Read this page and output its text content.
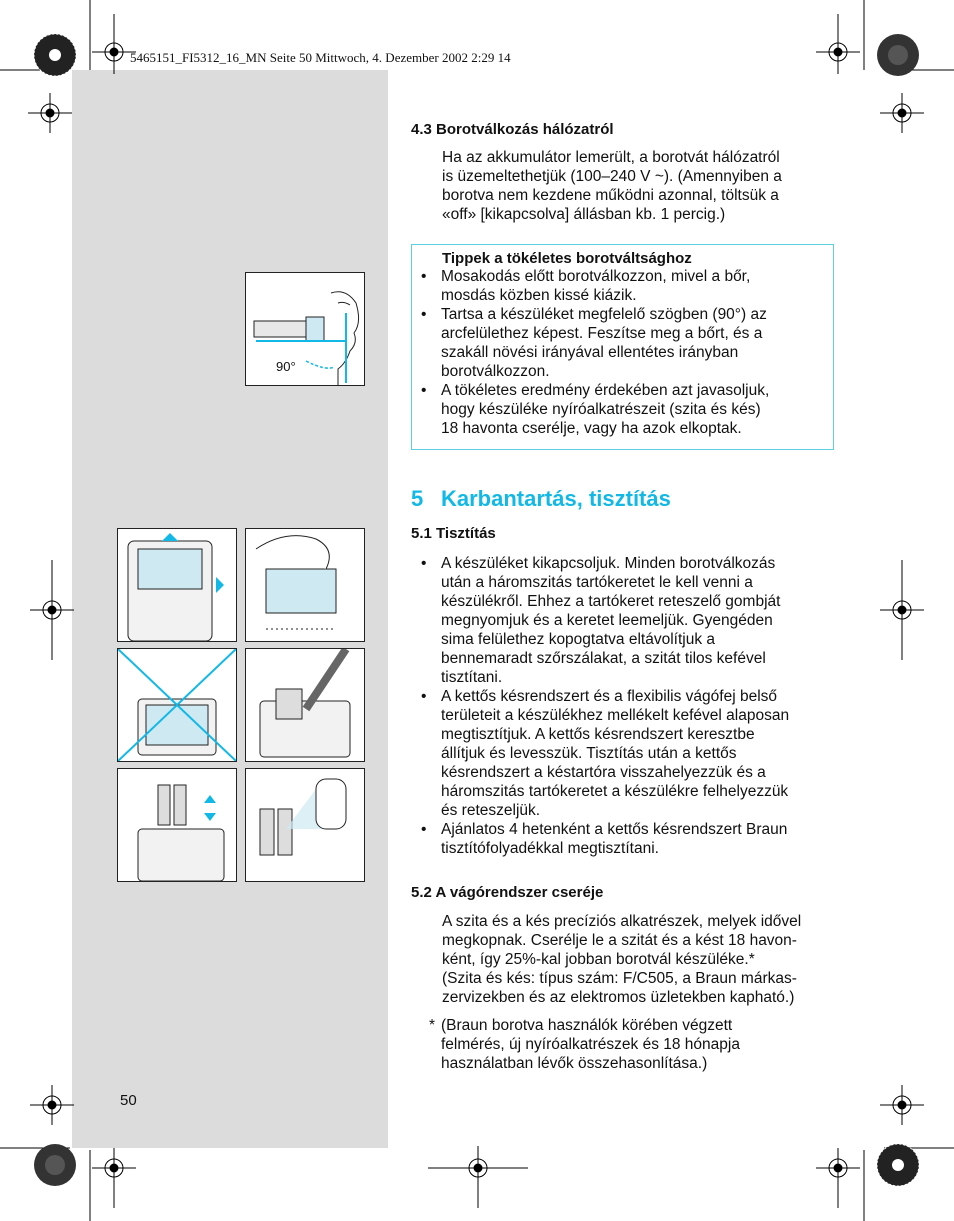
5465151_FI5312_16_MN Seite 50 Mittwoch, 4. Dezember 2002 2:29 14
4.3 Borotválkozás hálózatról
Ha az akkumulátor lemerült, a borotvát hálózatról
is üzemeltethetjük (100–240 V ~). (Amennyiben a
borotva nem kezdene működni azonnal, töltsük a
«off» [kikapcsolva] állásban kb. 1 percig.)
Tippek a tökéletes borotváltsághoz
• Mosakodás előtt borotválkozzon, mivel a bőr,
mosdás közben kissé kiázik.
• Tartsa a készüléket megfelelő szögben (90°) az
arcfelülethez képest. Feszítse meg a bőrt, és a
szakáll növési irányával ellentétes irányban
borotválkozzon.
• A tökéletes eredmény érdekében azt javasoljuk,
hogy készüléke nyíróalkatrészeit (szita és kés)
18 havonta cserélje, vagy ha azok elkoptak.
90°
5 Karbantartás, tisztítás
5.1 Tisztítás
• A készüléket kikapcsoljuk. Minden borotválkozás
után a háromszitás tartókeretet le kell venni a
készülékről. Ehhez a tartókeret reteszelő gombját
megnyomjuk és a keretet leemeljük. Gyengéden
sima felülethez kopogtatva eltávolítjuk a
bennemaradt szőrszálakat, a szitát tilos kefével
tisztítani.
• A kettős késrendszert és a flexibilis vágófej belső
területeit a készülékhez mellékelt kefével alaposan
megtisztítjuk. A kettős késrendszert keresztbe
állítjuk és levesszük. Tisztítás után a kettős
késrendszert a késtartóra visszahelyezzük és a
háromszitás tartókeretet a készülékre felhelyezzük
és reteszeljük.
• Ajánlatos 4 hetenként a kettős késrendszert Braun
tisztítófolyadékkal megtisztítani.
5.2 A vágórendszer cseréje
A szita és a kés precíziós alkatrészek, melyek idővel
megkopnak. Cserélje le a szitát és a kést 18 havon-
ként, így 25%-kal jobban borotvál készüléke.*
(Szita és kés: típus szám: F/C505, a Braun márkas-
zervizekben és az elektromos üzletekben kapható.)
* (Braun borotva használók körében végzett
felmérés, új nyíróalkatrészek és 18 hónapja
használatban lévők összehasonlítása.)
50
